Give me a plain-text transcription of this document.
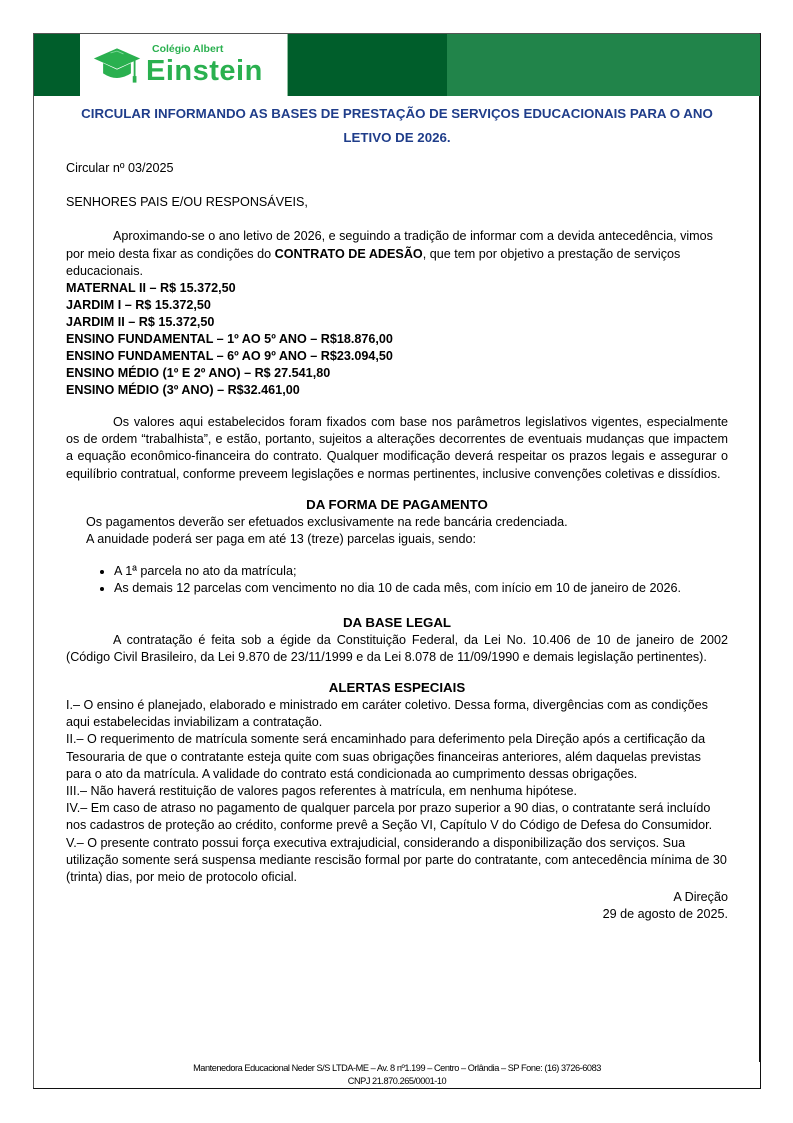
Colégio Albert
Einstein

CIRCULAR INFORMANDO AS BASES DE PRESTAÇÃO DE SERVIÇOS EDUCACIONAIS PARA O ANO

LETIVO DE 2026.

Circular nº 03/2025

SENHORES PAIS E/OU RESPONSÁVEIS,

Aproximando-se o ano letivo de 2026, e seguindo a tradição de informar com a devida antecedência, vimos por meio desta fixar as condições do CONTRATO DE ADESÃO, que tem por objetivo a prestação de serviços educacionais.

MATERNAL II – R$ 15.372,50
JARDIM I – R$ 15.372,50
JARDIM II – R$ 15.372,50
ENSINO FUNDAMENTAL – 1º AO 5º ANO – R$18.876,00
ENSINO FUNDAMENTAL – 6º AO 9º ANO – R$23.094,50
ENSINO MÉDIO (1º E 2º ANO) – R$ 27.541,80
ENSINO MÉDIO (3º ANO) – R$32.461,00

Os valores aqui estabelecidos foram fixados com base nos parâmetros legislativos vigentes, especialmente os de ordem “trabalhista”, e estão, portanto, sujeitos a alterações decorrentes de eventuais mudanças que impactem a equação econômico-financeira do contrato. Qualquer modificação deverá respeitar os prazos legais e assegurar o equilíbrio contratual, conforme preveem legislações e normas pertinentes, inclusive convenções coletivas e dissídios.

DA FORMA DE PAGAMENTO

Os pagamentos deverão ser efetuados exclusivamente na rede bancária credenciada.

A anuidade poderá ser paga em até 13 (treze) parcelas iguais, sendo:

• A 1ª parcela no ato da matrícula;
• As demais 12 parcelas com vencimento no dia 10 de cada mês, com início em 10 de janeiro de 2026.
DA BASE LEGAL

A contratação é feita sob a égide da Constituição Federal, da Lei No. 10.406 de 10 de janeiro de 2002 (Código Civil Brasileiro, da Lei 9.870 de 23/11/1999 e da Lei 8.078 de 11/09/1990 e demais legislação pertinentes).

ALERTAS ESPECIAIS

I.– O ensino é planejado, elaborado e ministrado em caráter coletivo. Dessa forma, divergências com as condições aqui estabelecidas inviabilizam a contratação.

II.– O requerimento de matrícula somente será encaminhado para deferimento pela Direção após a certificação da Tesouraria de que o contratante esteja quite com suas obrigações financeiras anteriores, além daquelas previstas para o ato da matrícula. A validade do contrato está condicionada ao cumprimento dessas obrigações.

III.– Não haverá restituição de valores pagos referentes à matrícula, em nenhuma hipótese.

IV.– Em caso de atraso no pagamento de qualquer parcela por prazo superior a 90 dias, o contratante será incluído nos cadastros de proteção ao crédito, conforme prevê a Seção VI, Capítulo V do Código de Defesa do Consumidor.

V.– O presente contrato possui força executiva extrajudicial, considerando a disponibilização dos serviços. Sua utilização somente será suspensa mediante rescisão formal por parte do contratante, com antecedência mínima de 30 (trinta) dias, por meio de protocolo oficial.

A Direção

29 de agosto de 2025.

Mantenedora Educacional Neder S/S LTDA-ME – Av. 8 nº1.199 – Centro – Orlândia – SP Fone: (16) 3726-6083
CNPJ 21.870.265/0001-10
